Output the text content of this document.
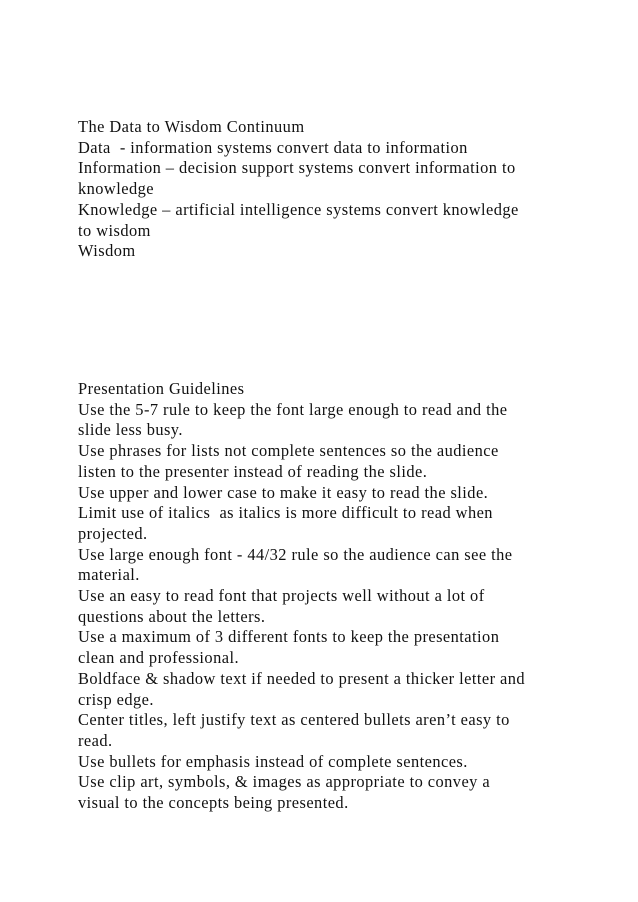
The Data to Wisdom Continuum

Data  - information systems convert data to information

Information – decision support systems convert information to

knowledge

Knowledge – artificial intelligence systems convert knowledge

to wisdom

Wisdom

Presentation Guidelines

Use the 5-7 rule to keep the font large enough to read and the

slide less busy.

Use phrases for lists not complete sentences so the audience

listen to the presenter instead of reading the slide.

Use upper and lower case to make it easy to read the slide.

Limit use of italics  as italics is more difficult to read when

projected.

Use large enough font - 44/32 rule so the audience can see the

material.

Use an easy to read font that projects well without a lot of

questions about the letters.

Use a maximum of 3 different fonts to keep the presentation

clean and professional.

Boldface & shadow text if needed to present a thicker letter and

crisp edge.

Center titles, left justify text as centered bullets aren’t easy to

read.

Use bullets for emphasis instead of complete sentences.

Use clip art, symbols, & images as appropriate to convey a

visual to the concepts being presented.
